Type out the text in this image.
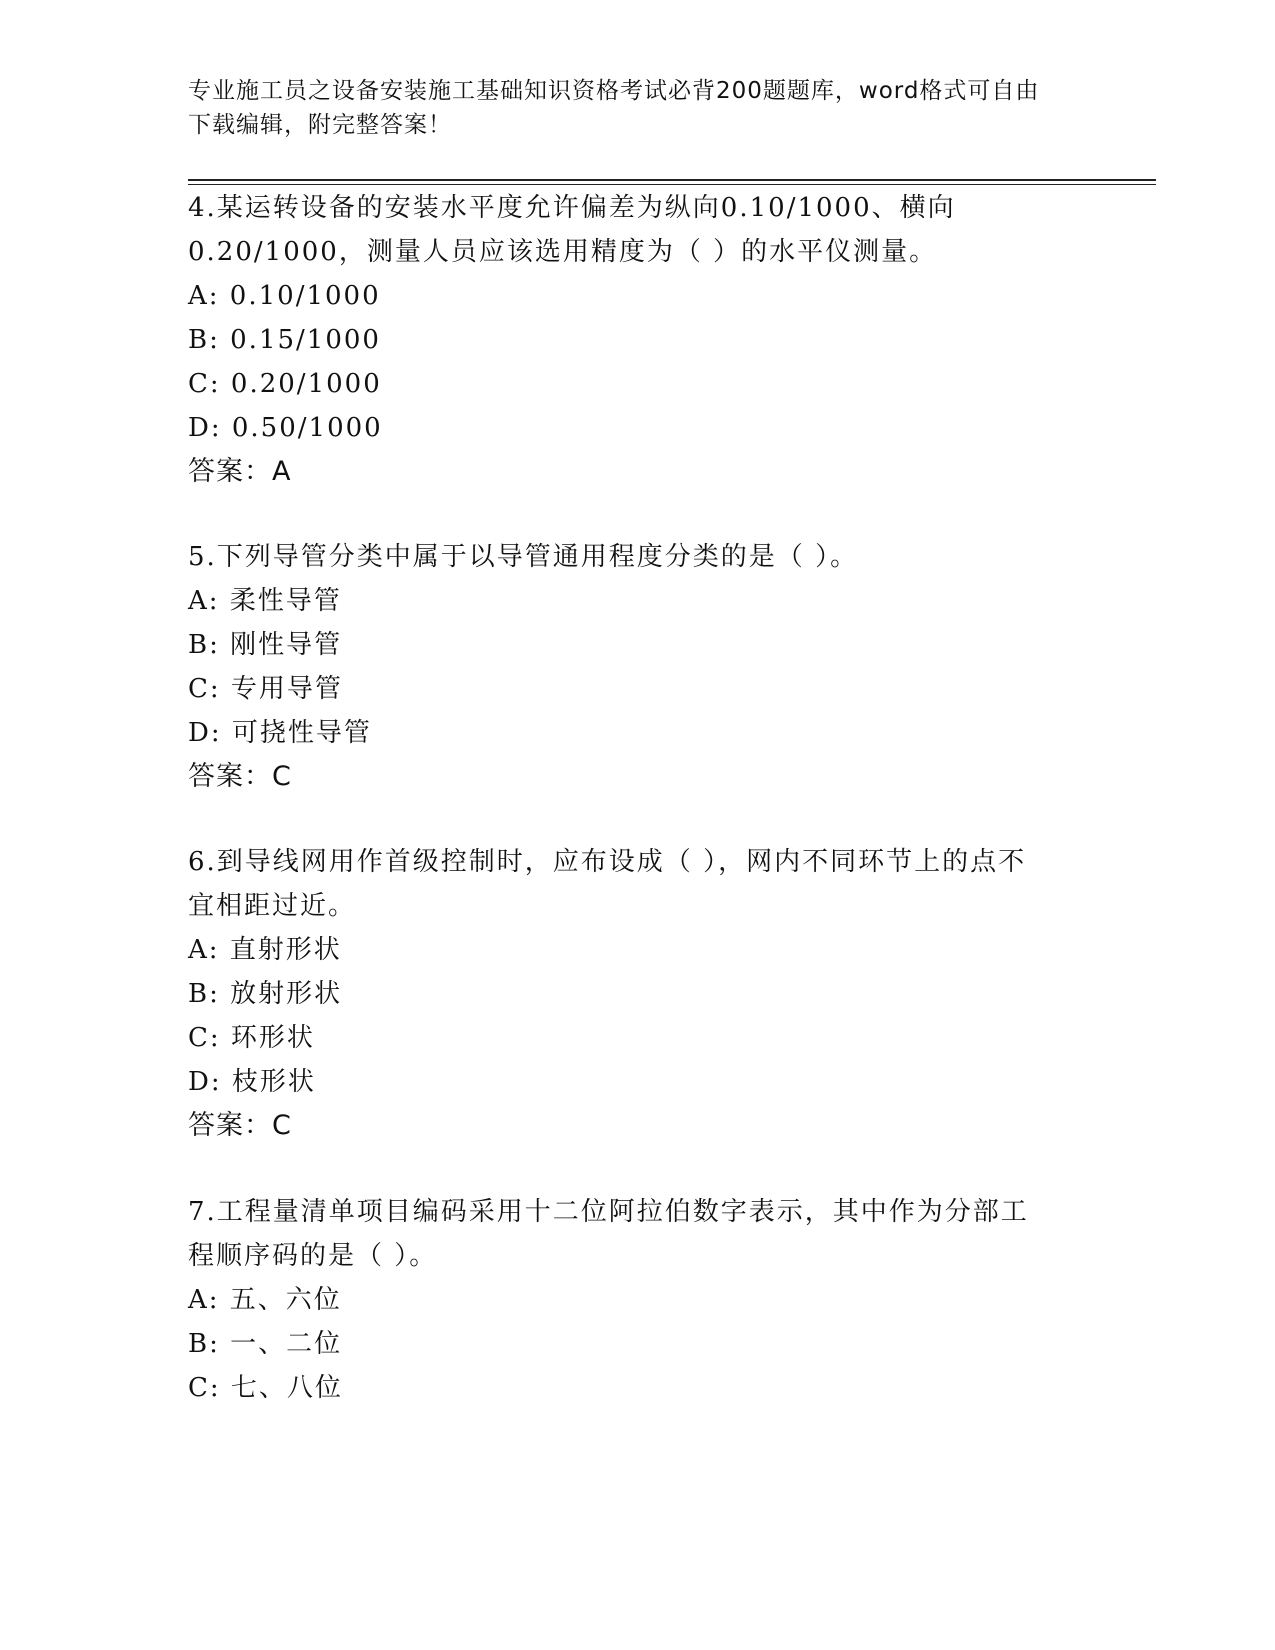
专业施工员之设备安装施工基础知识资格考试必背200题题库，word格式可自由
下载编辑，附完整答案！
4.某运转设备的安装水平度允许偏差为纵向0.10/1000、横向
0.20/1000，测量人员应该选用精度为（ ）的水平仪测量。
A: 0.10/1000
B: 0.15/1000
C: 0.20/1000
D: 0.50/1000
答案：A
5.下列导管分类中属于以导管通用程度分类的是（ ）。
A: 柔性导管
B: 刚性导管
C: 专用导管
D: 可挠性导管
答案：C
6.到导线网用作首级控制时，应布设成（ ），网内不同环节上的点不
宜相距过近。
A: 直射形状
B: 放射形状
C: 环形状
D: 枝形状
答案：C
7.工程量清单项目编码采用十二位阿拉伯数字表示，其中作为分部工
程顺序码的是（ ）。
A: 五、六位
B: 一、二位
C: 七、八位
